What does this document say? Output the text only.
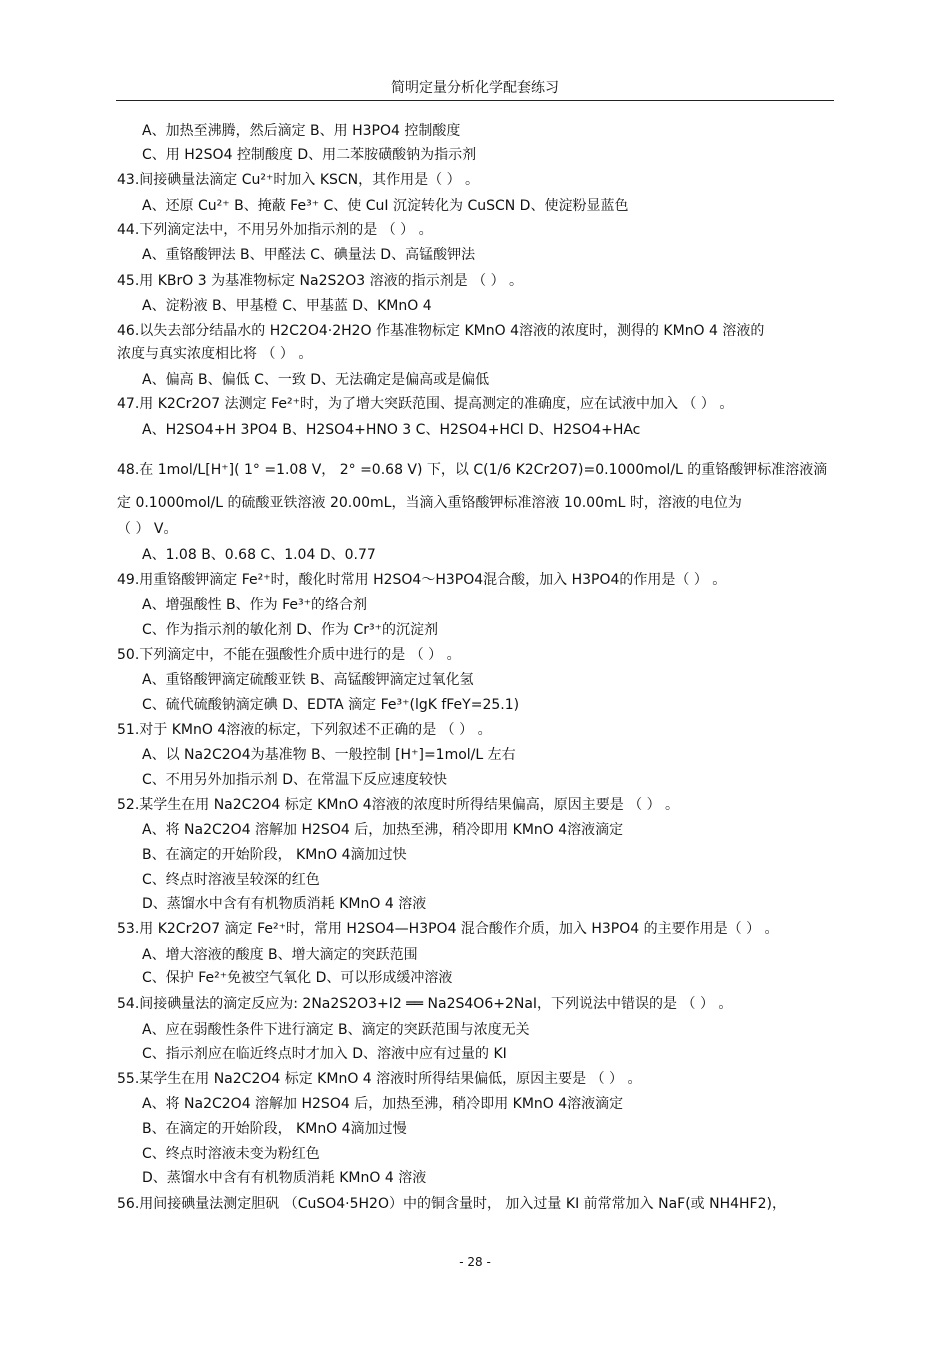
简明定量分析化学配套练习
A、加热至沸腾，然后滴定 B、用 H3PO4 控制酸度
C、用 H2SO4 控制酸度 D、用二苯胺磺酸钠为指示剂
43.间接碘量法滴定 Cu²⁺时加入 KSCN，其作用是（ ） 。
A、还原 Cu²⁺ B、掩蔽 Fe³⁺ C、使 CuI 沉淀转化为 CuSCN D、使淀粉显蓝色
44.下列滴定法中，不用另外加指示剂的是 （ ） 。
A、重铬酸钾法 B、甲醛法 C、碘量法 D、高锰酸钾法
45.用 KBrO 3 为基准物标定 Na2S2O3 溶液的指示剂是 （ ） 。
A、淀粉液 B、甲基橙 C、甲基蓝 D、KMnO 4
46.以失去部分结晶水的 H2C2O4·2H2O 作基准物标定 KMnO 4溶液的浓度时，测得的 KMnO 4 溶液的
浓度与真实浓度相比将 （ ） 。
A、偏高 B、偏低 C、一致 D、无法确定是偏高或是偏低
47.用 K2Cr2O7 法测定 Fe²⁺时，为了增大突跃范围、提高测定的准确度，应在试液中加入 （ ） 。
A、H2SO4+H 3PO4 B、H2SO4+HNO 3 C、H2SO4+HCl D、H2SO4+HAc
48.在 1mol/L[H⁺]( 1° =1.08 V， 2° =0.68 V) 下，以 C(1/6 K2Cr2O7)=0.1000mol/L 的重铬酸钾标准溶液滴
定 0.1000mol/L 的硫酸亚铁溶液 20.00mL，当滴入重铬酸钾标准溶液 10.00mL 时，溶液的电位为
（ ） V。
A、1.08 B、0.68 C、1.04 D、0.77
49.用重铬酸钾滴定 Fe²⁺时，酸化时常用 H2SO4～H3PO4混合酸，加入 H3PO4的作用是（ ） 。
A、增强酸性 B、作为 Fe³⁺的络合剂
C、作为指示剂的敏化剂 D、作为 Cr³⁺的沉淀剂
50.下列滴定中，不能在强酸性介质中进行的是 （ ） 。
A、重铬酸钾滴定硫酸亚铁 B、高锰酸钾滴定过氧化氢
C、硫代硫酸钠滴定碘 D、EDTA 滴定 Fe³⁺(lgK fFeY=25.1)
51.对于 KMnO 4溶液的标定，下列叙述不正确的是 （ ） 。
A、以 Na2C2O4为基准物 B、一般控制 [H⁺]=1mol/L 左右
C、不用另外加指示剂 D、在常温下反应速度较快
52.某学生在用 Na2C2O4 标定 KMnO 4溶液的浓度时所得结果偏高，原因主要是 （ ） 。
A、将 Na2C2O4 溶解加 H2SO4 后，加热至沸，稍冷即用 KMnO 4溶液滴定
B、在滴定的开始阶段， KMnO 4滴加过快
C、终点时溶液呈较深的红色
D、蒸馏水中含有有机物质消耗 KMnO 4 溶液
53.用 K2Cr2O7 滴定 Fe²⁺时，常用 H2SO4—H3PO4 混合酸作介质，加入 H3PO4 的主要作用是（ ） 。
A、增大溶液的酸度 B、增大滴定的突跃范围
C、保护 Fe²⁺免被空气氧化 D、可以形成缓冲溶液
54.间接碘量法的滴定反应为: 2Na2S2O3+I2 ══ Na2S4O6+2NaI，下列说法中错误的是 （ ） 。
A、应在弱酸性条件下进行滴定 B、滴定的突跃范围与浓度无关
C、指示剂应在临近终点时才加入 D、溶液中应有过量的 KI
55.某学生在用 Na2C2O4 标定 KMnO 4 溶液时所得结果偏低，原因主要是 （ ） 。
A、将 Na2C2O4 溶解加 H2SO4 后，加热至沸，稍冷即用 KMnO 4溶液滴定
B、在滴定的开始阶段， KMnO 4滴加过慢
C、终点时溶液未变为粉红色
D、蒸馏水中含有有机物质消耗 KMnO 4 溶液
56.用间接碘量法测定胆矾 （CuSO4·5H2O）中的铜含量时， 加入过量 KI 前常常加入 NaF(或 NH4HF2)，
- 28 -
